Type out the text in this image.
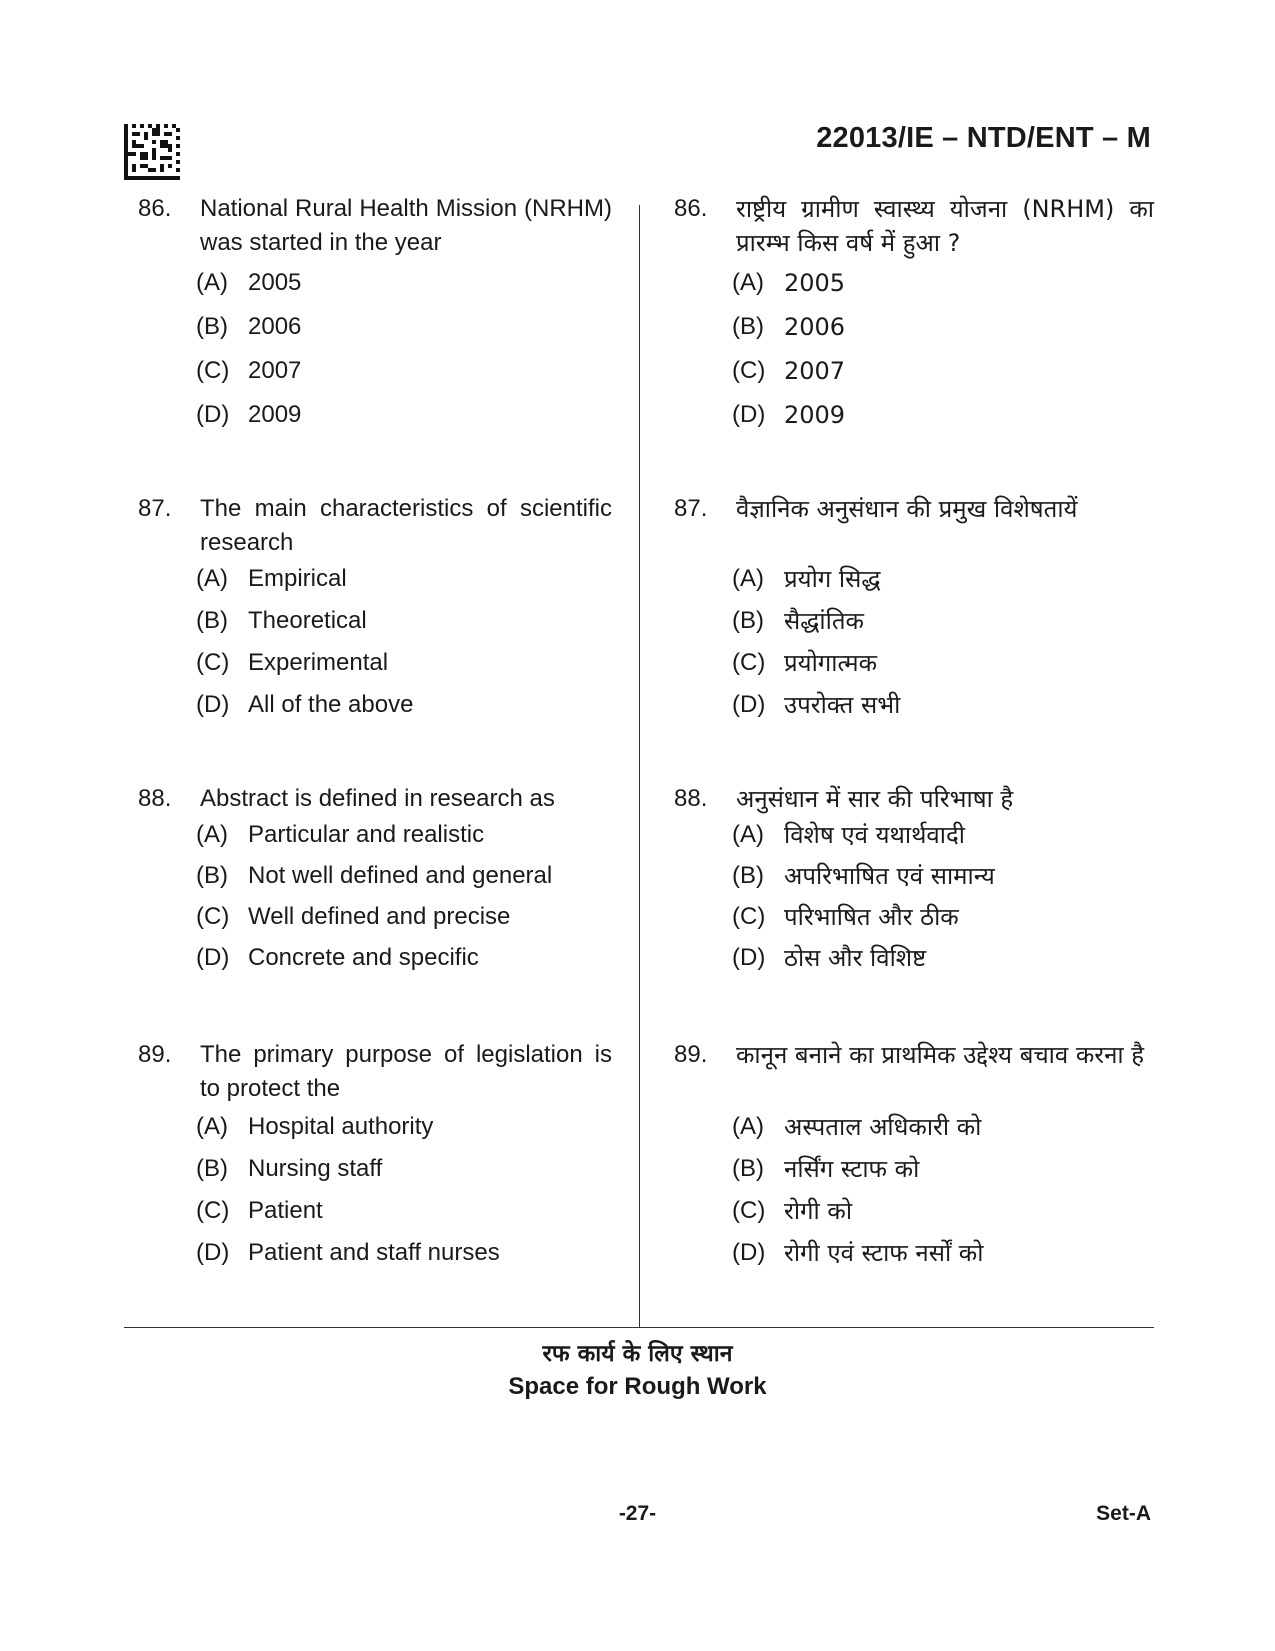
22013/IE – NTD/ENT – M
86.	National Rural Health Mission (NRHM) was started in the year
(A) 2005
(B) 2006
(C) 2007
(D) 2009
87.	The main characteristics of scientific research
(A) Empirical
(B) Theoretical
(C) Experimental
(D) All of the above
88.	Abstract is defined in research as
(A) Particular and realistic
(B) Not well defined and general
(C) Well defined and precise
(D) Concrete and specific
89.	The primary purpose of legislation is to protect the
(A) Hospital authority
(B) Nursing staff
(C) Patient
(D) Patient and staff nurses
86.	राष्ट्रीय ग्रामीण स्वास्थ्य योजना (NRHM) का प्रारम्भ किस वर्ष में हुआ ?
(A) 2005
(B) 2006
(C) 2007
(D) 2009
87.	वैज्ञानिक अनुसंधान की प्रमुख विशेषतायें
(A) प्रयोग सिद्ध
(B) सैद्धांतिक
(C) प्रयोगात्मक
(D) उपरोक्त सभी
88.	अनुसंधान में सार की परिभाषा है
(A) विशेष एवं यथार्थवादी
(B) अपरिभाषित एवं सामान्य
(C) परिभाषित और ठीक
(D) ठोस और विशिष्ट
89.	कानून बनाने का प्राथमिक उद्देश्य बचाव करना है
(A) अस्पताल अधिकारी को
(B) नर्सिंग स्टाफ को
(C) रोगी को
(D) रोगी एवं स्टाफ नर्सों को
रफ कार्य के लिए स्थान
Space for Rough Work
-27-	Set-A
